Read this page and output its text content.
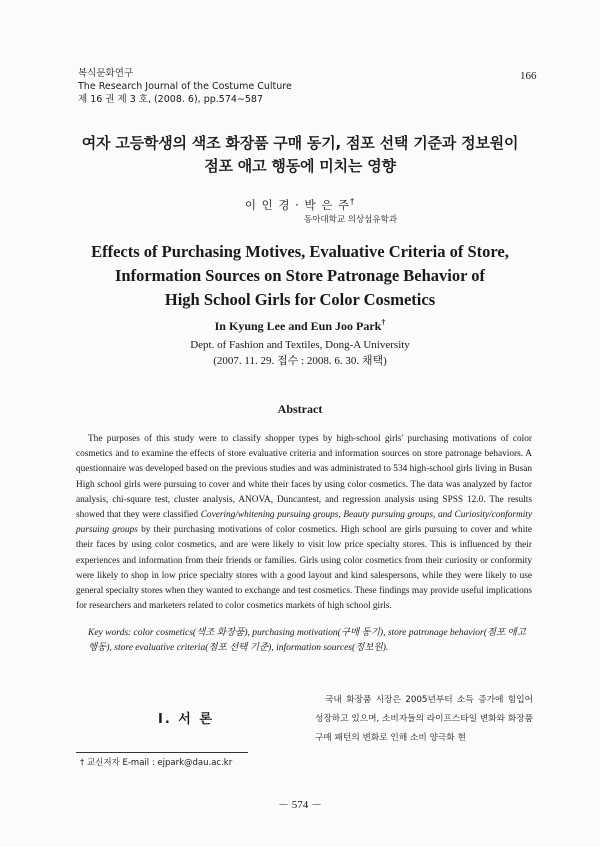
복식문화연구
The Research Journal of the Costume Culture
제 16 권 제 3 호, (2008. 6), pp.574∼587
166
여자 고등학생의 색조 화장품 구매 동기, 점포 선택 기준과 정보원이
점포 애고 행동에 미치는 영향
이 인 경 · 박 은 주†
동아대학교 의상섬유학과
Effects of Purchasing Motives, Evaluative Criteria of Store,
Information Sources on Store Patronage Behavior of
High School Girls for Color Cosmetics
In Kyung Lee and Eun Joo Park†
Dept. of Fashion and Textiles, Dong-A University
(2007. 11. 29. 접수 : 2008. 6. 30. 채택)
Abstract

The purposes of this study were to classify shopper types by high-school girls' purchasing motivations of color cosmetics and to examine the effects of store evaluative criteria and information sources on store patronage behaviors. A questionnaire was developed based on the previous studies and was administrated to 534 high-school girls living in Busan High school girls were pursuing to cover and white their faces by using color cosmetics. The data was analyzed by factor analysis, chi-square test, cluster analysis, ANOVA, Duncantest, and regression analysis using SPSS 12.0. The results showed that they were classified Covering/whitening pursuing groups, Beauty pursuing groups, and Curiosity/conformity pursuing groups by their purchasing motivations of color cosmetics. High school are girls pursuing to cover and white their faces by using color cosmetics, and are were likely to visit low price specialty stores. This is influenced by their experiences and information from their friends or families. Girls using color cosmetics from their curiosity or conformity were likely to shop in low price specialty stores with a good layout and kind salespersons, while they were likely to use general specialty stores when they wanted to exchange and test cosmetics. These findings may provide useful implications for researchers and marketers related to color cosmetics markets of high school girls.

Key words: color cosmetics(색조 화장품), purchasing motivation(구매 동기), store patronage behavior(점포 애고 행동), store evaluative criteria(점포 선택 기준), information sources(정보원).
Ⅰ. 서 론

국내 화장품 시장은 2005년부터 소득 증가에 힘입어 성장하고 있으며, 소비자들의 라이프스타일 변화와 화장품 구매 패턴의 변화로 인해 소비 양극화 현

† 교신저자 E-mail : ejpark@dau.ac.kr
－ 574 －
